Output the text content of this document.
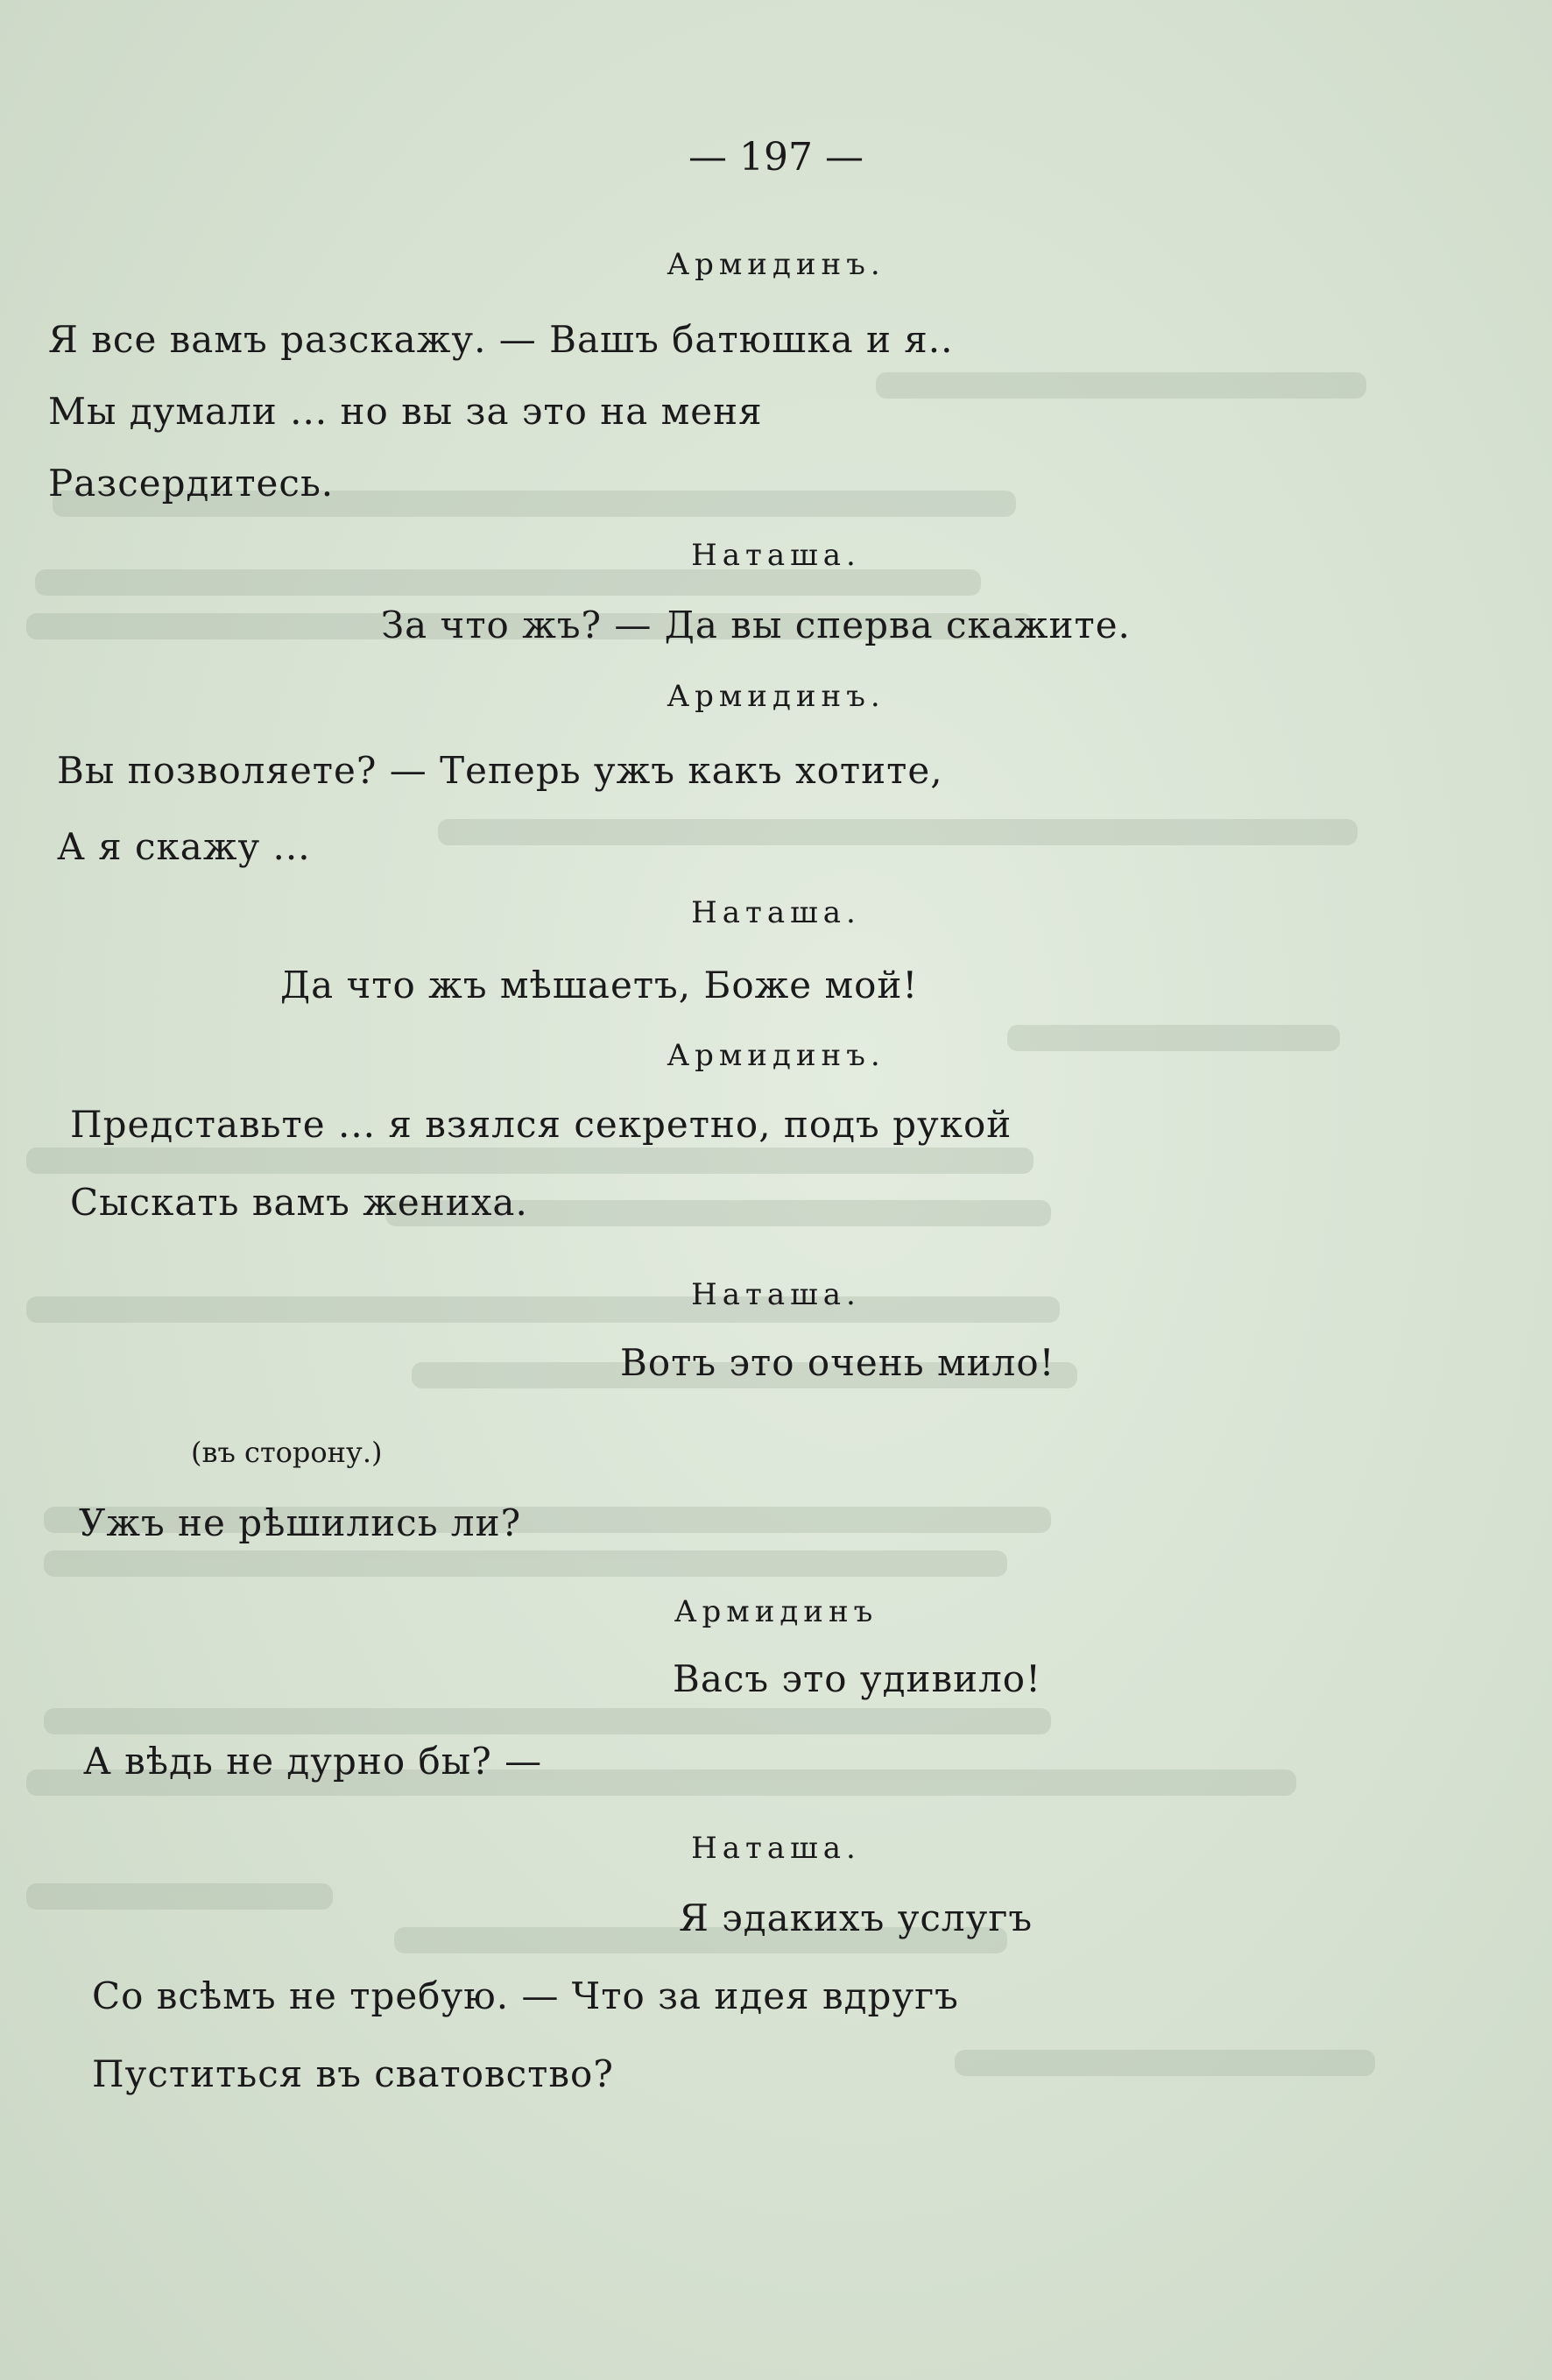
— 197 —
Армидинъ.
Я все вамъ разскажу. — Вашъ батюшка и я..
Мы думали ... но вы за это на меня
Разсердитесь.
Наташа.
За что жъ? — Да вы сперва скажите.
Армидинъ.
Вы позволяете? — Теперь ужъ какъ хотите,
А я скажу ...
Наташа.
Да что жъ мѣшаетъ, Боже мой!
Армидинъ.
Представьте ... я взялся секретно, подъ рукой
Сыскать вамъ жениха.
Наташа.
Вотъ это очень мило!
(въ сторону.)
Ужъ не рѣшились ли?
Армидинъ
Васъ это удивило!
А вѣдь не дурно бы? —
Наташа.
Я эдакихъ услугъ
Со всѣмъ не требую. — Что за идея вдругъ
Пуститься въ сватовство?
